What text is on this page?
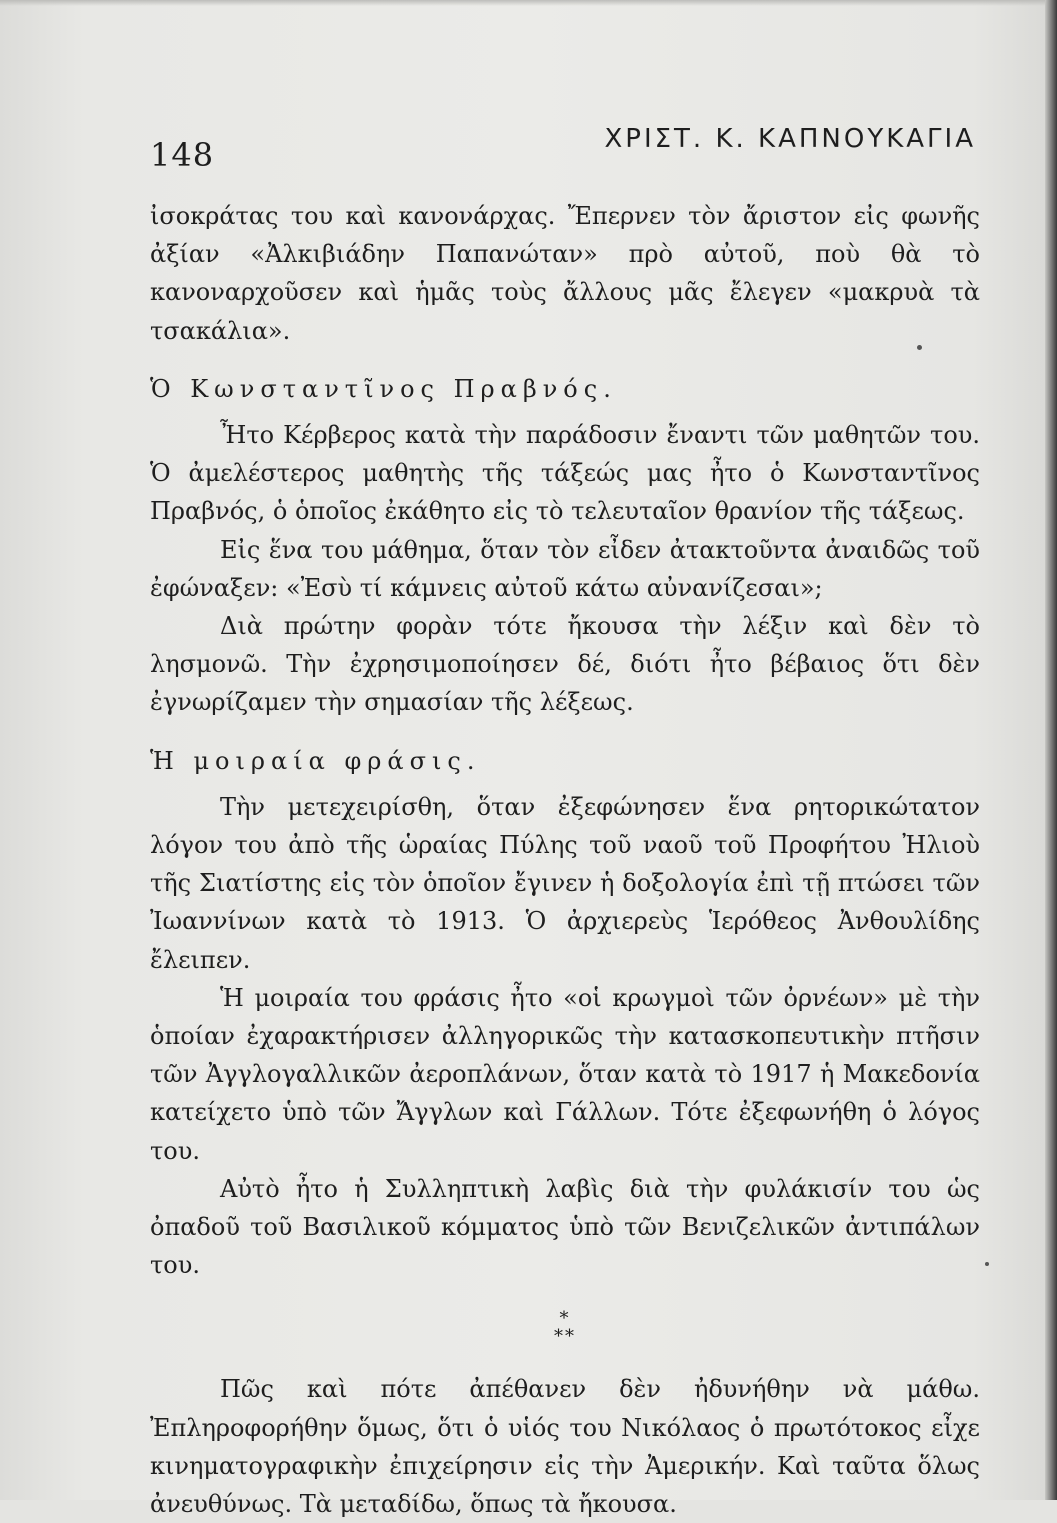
148	ΧΡΙΣΤ. Κ. ΚΑΠΝΟΥΚΑΓΙΑ

ἰσοκράτας του καὶ κανονάρχας. Ἔπερνεν τὸν ἄριστον εἰς φωνῆς ἀξίαν «Ἀλκιβιάδην Παπανώταν» πρὸ αὐτοῦ, ποὺ θὰ τὸ κανοναρχοῦσεν καὶ ἡμᾶς τοὺς ἄλλους μᾶς ἔλεγεν «μακρυὰ τὰ τσακάλια».

Ὁ Κωνσταντῖνος Πραβνός.

Ἦτο Κέρβερος κατὰ τὴν παράδοσιν ἔναντι τῶν μαθητῶν του. Ὁ ἀμελέστερος μαθητὴς τῆς τάξεώς μας ἦτο ὁ Κωνσταντῖνος Πραβνός, ὁ ὁποῖος ἐκάθητο εἰς τὸ τελευταῖον θρανίον τῆς τάξεως.

Εἰς ἕνα του μάθημα, ὅταν τὸν εἶδεν ἀτακτοῦντα ἀναιδῶς τοῦ ἐφώναξεν: «Ἐσὺ τί κάμνεις αὐτοῦ κάτω αὐνανίζεσαι»;

Διὰ πρώτην φορὰν τότε ἤκουσα τὴν λέξιν καὶ δὲν τὸ λησμονῶ. Τὴν ἐχρησιμοποίησεν δέ, διότι ἦτο βέβαιος ὅτι δὲν ἐγνωρίζαμεν τὴν σημασίαν τῆς λέξεως.

Ἡ μοιραία φράσις.

Τὴν μετεχειρίσθη, ὅταν ἐξεφώνησεν ἕνα ρητορικώτατον λόγον του ἀπὸ τῆς ὡραίας Πύλης τοῦ ναοῦ τοῦ Προφήτου Ἠλιοὺ τῆς Σιατίστης εἰς τὸν ὁποῖον ἔγινεν ἡ δοξολογία ἐπὶ τῇ πτώσει τῶν Ἰωαννίνων κατὰ τὸ 1913. Ὁ ἀρχιερεὺς Ἱερόθεος Ἀνθουλίδης ἔλειπεν.

Ἡ μοιραία του φράσις ἦτο «οἱ κρωγμοὶ τῶν ὀρνέων» μὲ τὴν ὁποίαν ἐχαρακτήρισεν ἀλληγορικῶς τὴν κατασκοπευτικὴν πτῆσιν τῶν Ἀγγλογαλλικῶν ἀεροπλάνων, ὅταν κατὰ τὸ 1917 ἡ Μακεδονία κατείχετο ὑπὸ τῶν Ἄγγλων καὶ Γάλλων. Τότε ἐξεφωνήθη ὁ λόγος του.

Αὐτὸ ἦτο ἡ Συλληπτικὴ λαβὶς διὰ τὴν φυλάκισίν του ὡς ὀπαδοῦ τοῦ Βασιλικοῦ κόμματος ὑπὸ τῶν Βενιζελικῶν ἀντιπάλων του.

*
**

Πῶς καὶ πότε ἀπέθανεν δὲν ἠδυνήθην νὰ μάθω. Ἐπληροφορήθην ὅμως, ὅτι ὁ υἱός του Νικόλαος ὁ πρωτότοκος εἶχε κινηματογραφικὴν ἐπιχείρησιν εἰς τὴν Ἀμερικήν. Καὶ ταῦτα ὅλως ἀνευθύνως. Τὰ μεταδίδω, ὅπως τὰ ἤκουσα.
